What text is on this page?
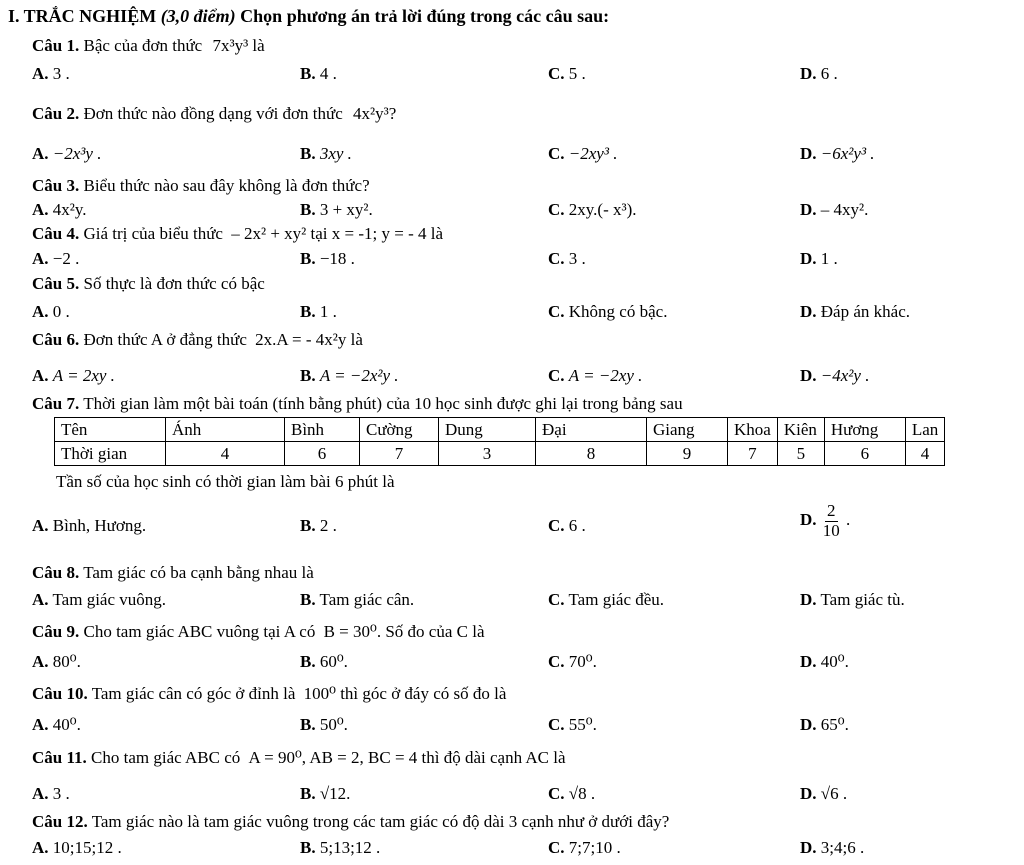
I. TRẮC NGHIỆM (3,0 điểm) Chọn phương án trả lời đúng trong các câu sau:
Câu 1. Bậc của đơn thức 7x³y³ là
A. 3 .	B. 4 .	C. 5 .	D. 6 .
Câu 2. Đơn thức nào đồng dạng với đơn thức 4x²y³?
A. −2x³y .	B. 3xy .	C. −2xy³ .	D. −6x²y³ .
Câu 3. Biểu thức nào sau đây không là đơn thức?
A. 4x²y.	B. 3 + xy².	C. 2xy.(- x³).	D. – 4xy².
Câu 4. Giá trị của biểu thức – 2x² + xy² tại x = -1; y = - 4 là
A. −2 .	B. −18 .	C. 3 .	D. 1 .
Câu 5. Số thực là đơn thức có bậc
A. 0 .	B. 1 .	C. Không có bậc.	D. Đáp án khác.
Câu 6. Đơn thức A ở đẳng thức 2x.A = - 4x²y là
A. A = 2xy .	B. A = −2x²y .	C. A = −2xy .	D. −4x²y .
Câu 7. Thời gian làm một bài toán (tính bằng phút) của 10 học sinh được ghi lại trong bảng sau
Tên	Ánh	Bình	Cường	Dung	Đại	Giang	Khoa	Kiên	Hương	Lan
Thời gian	4	6	7	3	8	9	7	5	6	4
Tần số của học sinh có thời gian làm bài 6 phút là
A. Bình, Hương.	B. 2 .	C. 6 .	D. $\frac{2}{10}$ .
Câu 8. Tam giác có ba cạnh bằng nhau là
A. Tam giác vuông.	B. Tam giác cân.	C. Tam giác đều.	D. Tam giác tù.
Câu 9. Cho tam giác ABC vuông tại A có B = 30⁰. Số đo của C là
A. 80⁰.	B. 60⁰.	C. 70⁰.	D. 40⁰.
Câu 10. Tam giác cân có góc ở đỉnh là 100⁰ thì góc ở đáy có số đo là
A. 40⁰.	B. 50⁰.	C. 55⁰.	D. 65⁰.
Câu 11. Cho tam giác ABC có A = 90⁰, AB = 2, BC = 4 thì độ dài cạnh AC là
A. 3 .	B. √12.	C. √8 .	D. √6 .
Câu 12. Tam giác nào là tam giác vuông trong các tam giác có độ dài 3 cạnh như ở dưới đây?
A. 10;15;12 .	B. 5;13;12 .	C. 7;7;10 .	D. 3;4;6 .
